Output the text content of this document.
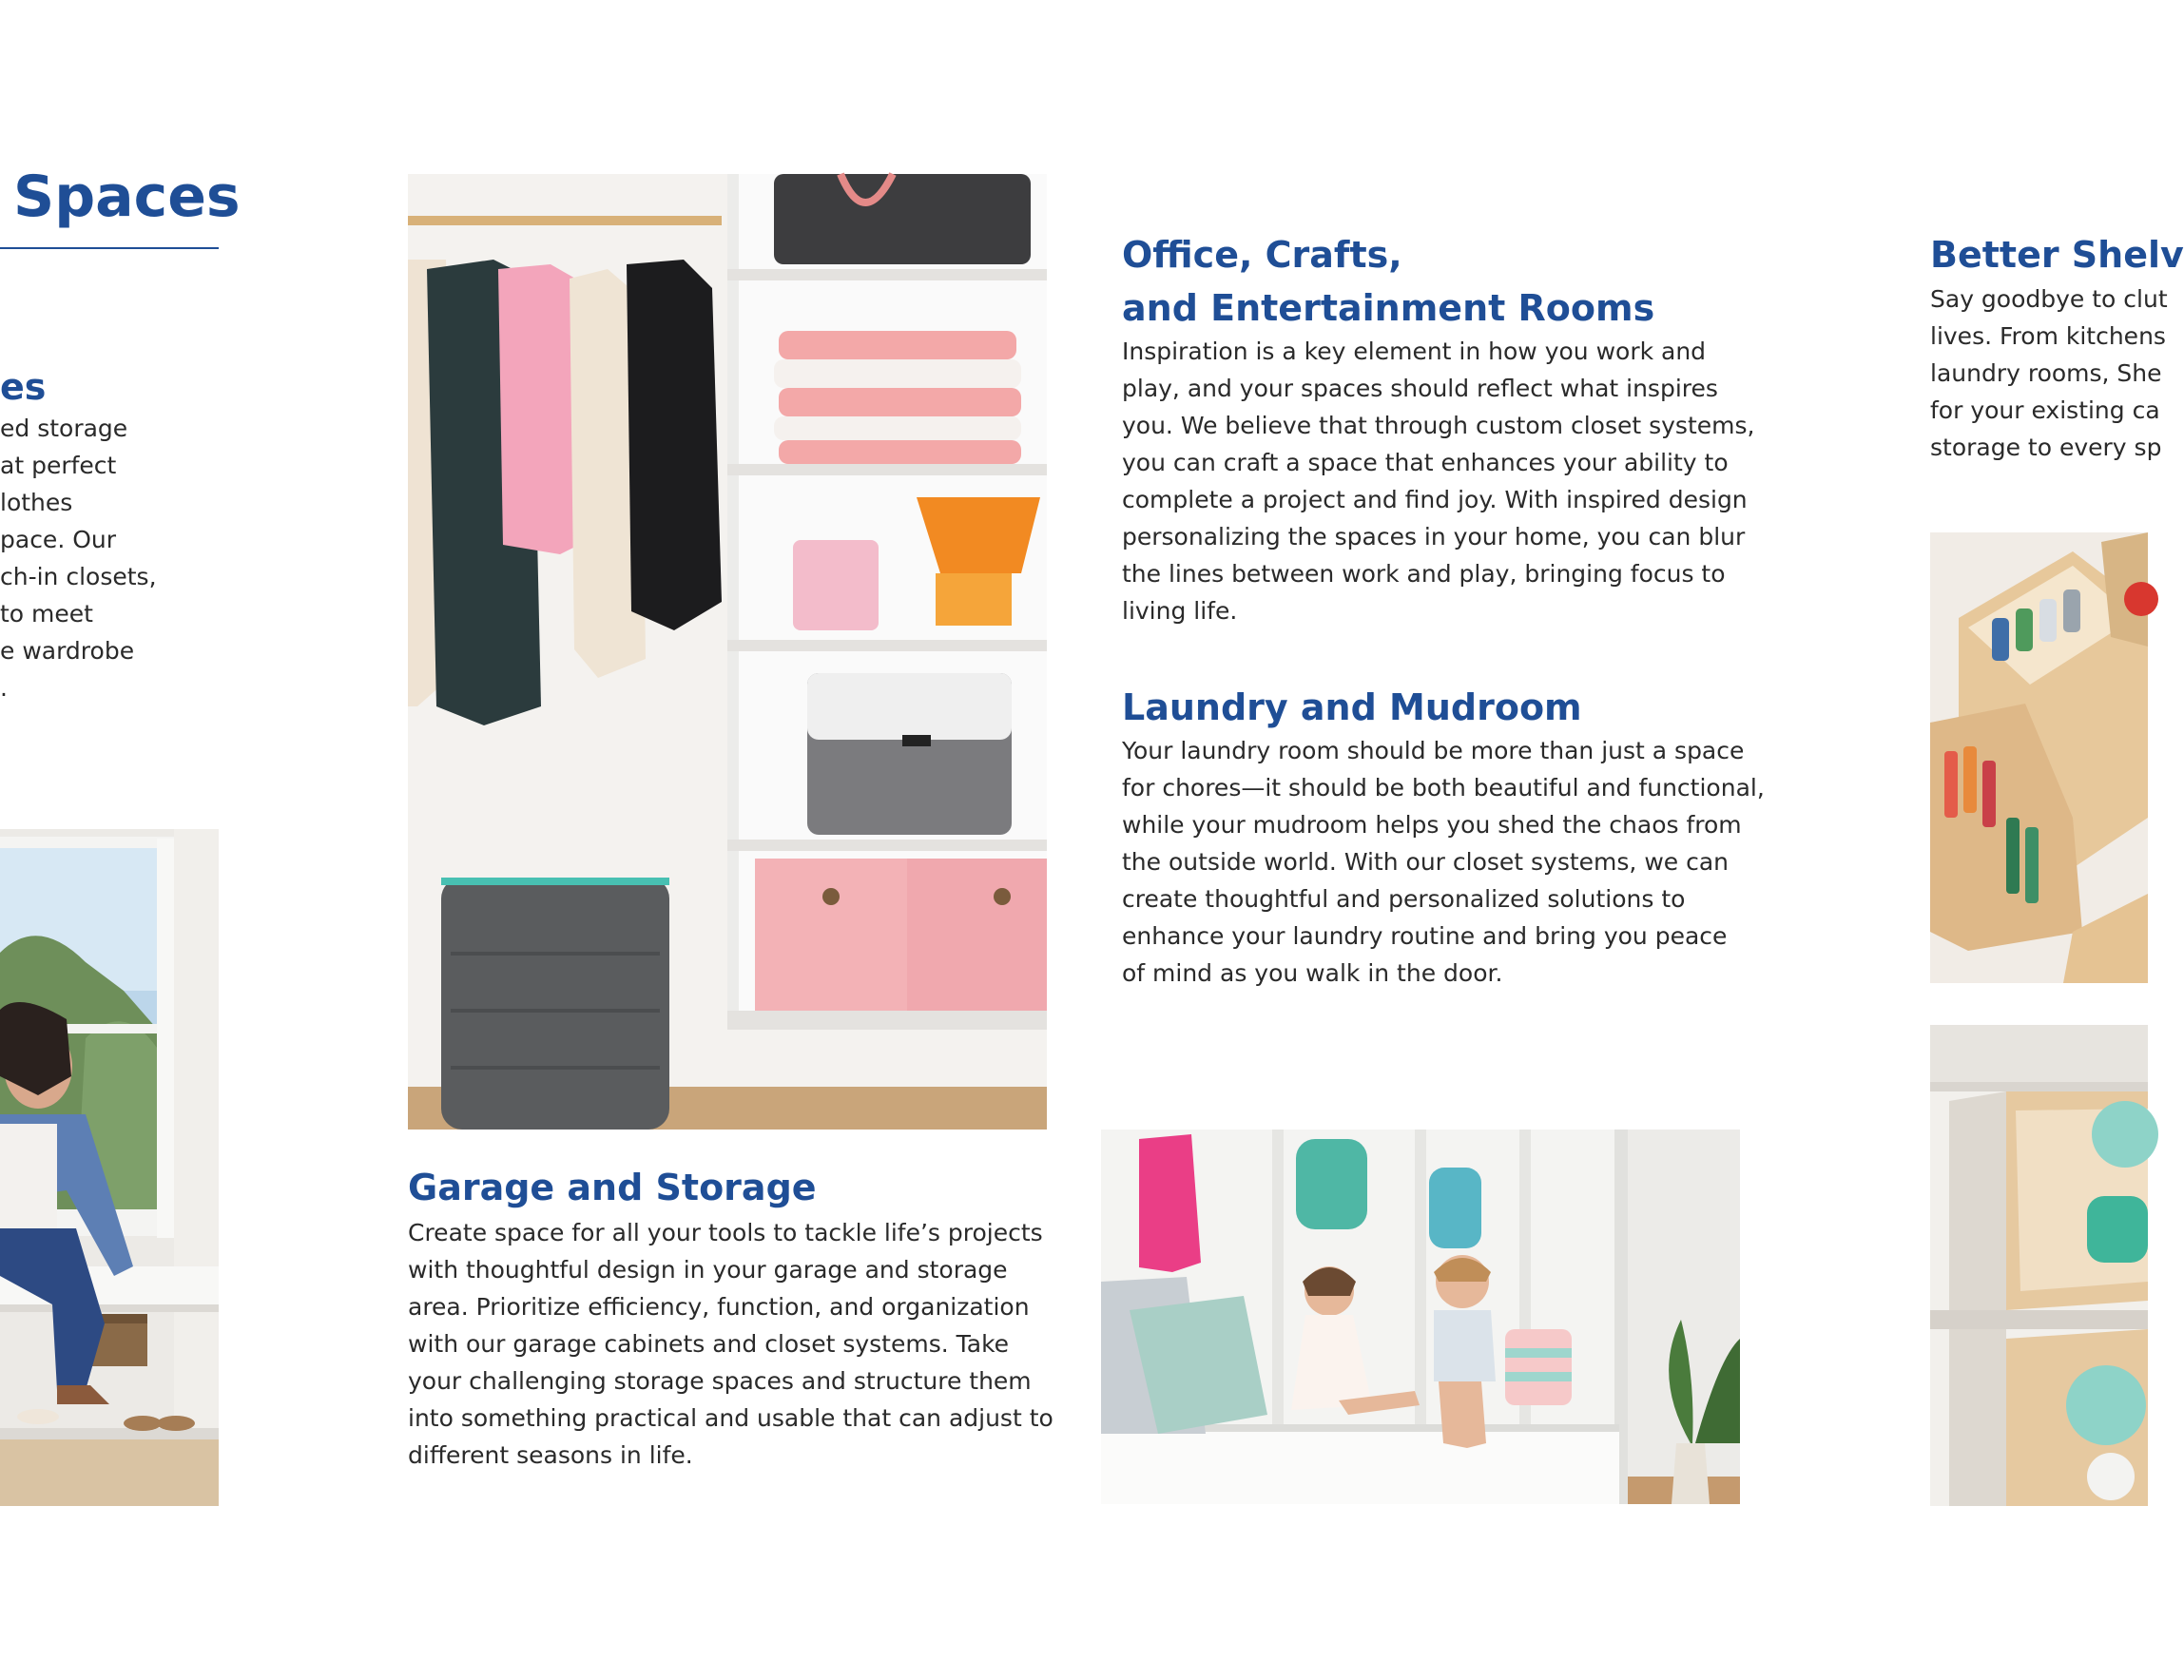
Spaces
es

ed storage

at perfect

lothes

pace. Our

ch-in closets,

to meet

e wardrobe

.

Garage and Storage

Create space for all your tools to tackle life’s projects

with thoughtful design in your garage and storage

area. Prioritize efficiency, function, and organization

with our garage cabinets and closet systems. Take

your challenging storage spaces and structure them

into something practical and usable that can adjust to

different seasons in life.

Office, Crafts,
and Entertainment Rooms

Inspiration is a key element in how you work and

play, and your spaces should reflect what inspires

you. We believe that through custom closet systems,

you can craft a space that enhances your ability to

complete a project and find joy. With inspired design

personalizing the spaces in your home, you can blur

the lines between work and play, bringing focus to

living life.

Laundry and Mudroom

Your laundry room should be more than just a space

for chores—it should be both beautiful and functional,

while your mudroom helps you shed the chaos from

the outside world. With our closet systems, we can

create thoughtful and personalized solutions to

enhance your laundry routine and bring you peace

of mind as you walk in the door.

Better Shelv

Say goodbye to clut

lives. From kitchens

laundry rooms, She

for your existing ca

storage to every sp
